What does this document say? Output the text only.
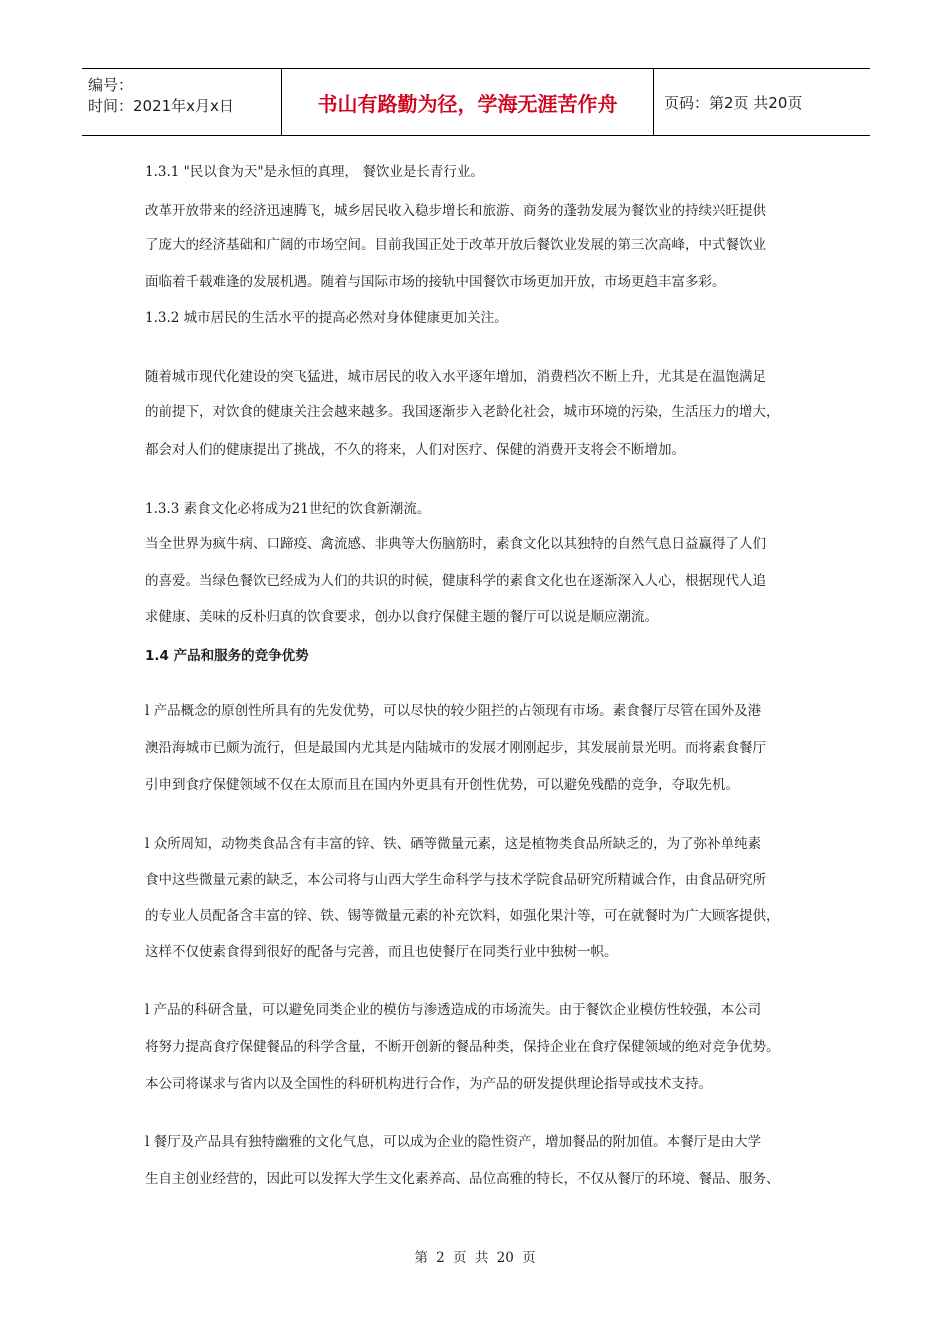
编号：
时间：2021年x月x日	书山有路勤为径，学海无涯苦作舟	页码：第2页 共20页
1.3.1 "民以食为天"是永恒的真理， 餐饮业是长青行业。
改革开放带来的经济迅速腾飞，城乡居民收入稳步增长和旅游、商务的蓬勃发展为餐饮业的持续兴旺提供
了庞大的经济基础和广阔的市场空间。目前我国正处于改革开放后餐饮业发展的第三次高峰，中式餐饮业
面临着千载难逢的发展机遇。随着与国际市场的接轨中国餐饮市场更加开放，市场更趋丰富多彩。
1.3.2 城市居民的生活水平的提高必然对身体健康更加关注。
随着城市现代化建设的突飞猛进，城市居民的收入水平逐年增加，消费档次不断上升，尤其是在温饱满足
的前提下，对饮食的健康关注会越来越多。我国逐渐步入老龄化社会，城市环境的污染，生活压力的增大，
都会对人们的健康提出了挑战，不久的将来，人们对医疗、保健的消费开支将会不断增加。
1.3.3 素食文化必将成为21世纪的饮食新潮流。
当全世界为疯牛病、口蹄疫、禽流感、非典等大伤脑筋时，素食文化以其独特的自然气息日益赢得了人们
的喜爱。当绿色餐饮已经成为人们的共识的时候，健康科学的素食文化也在逐渐深入人心，根据现代人追
求健康、美味的反朴归真的饮食要求，创办以食疗保健主题的餐厅可以说是顺应潮流。
1.4 产品和服务的竞争优势
l 产品概念的原创性所具有的先发优势，可以尽快的较少阻拦的占领现有市场。素食餐厅尽管在国外及港
澳沿海城市已颇为流行，但是最国内尤其是内陆城市的发展才刚刚起步，其发展前景光明。而将素食餐厅
引申到食疗保健领域不仅在太原而且在国内外更具有开创性优势，可以避免残酷的竞争，夺取先机。
l 众所周知，动物类食品含有丰富的锌、铁、硒等微量元素，这是植物类食品所缺乏的，为了弥补单纯素
食中这些微量元素的缺乏，本公司将与山西大学生命科学与技术学院食品研究所精诚合作，由食品研究所
的专业人员配备含丰富的锌、铁、锡等微量元素的补充饮料，如强化果汁等，可在就餐时为广大顾客提供，
这样不仅使素食得到很好的配备与完善，而且也使餐厅在同类行业中独树一帜。
l 产品的科研含量，可以避免同类企业的模仿与渗透造成的市场流失。由于餐饮企业模仿性较强，本公司
将努力提高食疗保健餐品的科学含量，不断开创新的餐品种类，保持企业在食疗保健领域的绝对竞争优势。
本公司将谋求与省内以及全国性的科研机构进行合作，为产品的研发提供理论指导或技术支持。
l 餐厅及产品具有独特幽雅的文化气息，可以成为企业的隐性资产，增加餐品的附加值。本餐厅是由大学
生自主创业经营的，因此可以发挥大学生文化素养高、品位高雅的特长，不仅从餐厅的环境、餐品、服务、
第 2 页 共 20 页
